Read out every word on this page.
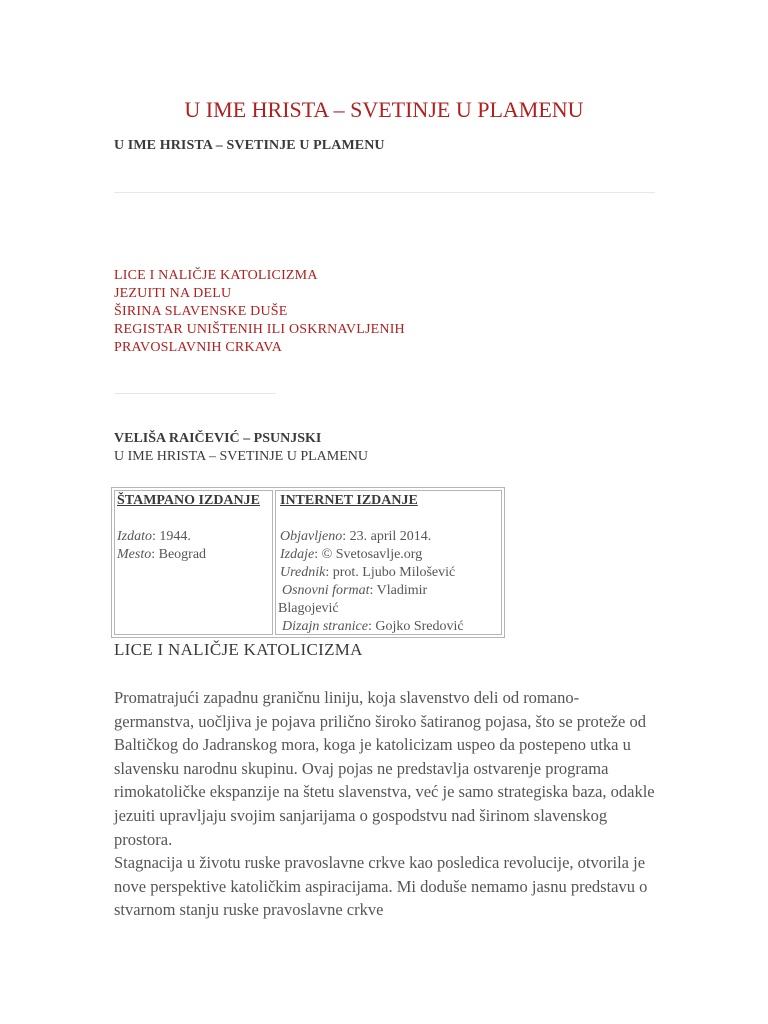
U IME HRISTA – SVETINJE U PLAMENU
U IME HRISTA – SVETINJE U PLAMENU
LICE I NALIČJE KATOLICIZMA
JEZUITI NA DELU
ŠIRINA SLAVENSKE DUŠE
REGISTAR UNIŠTENIH ILI OSKRNAVLJENIH
PRAVOSLAVNIH CRKAVA
VELIŠA RAIČEVIĆ – PSUNJSKI
U IME HRISTA – SVETINJE U PLAMENU
ŠTAMPANO IZDANJE
Izdato: 1944.
Mesto: Beograd
INTERNET IZDANJE
Objavljeno: 23. april 2014.
Izdaje: © Svetosavlje.org
Urednik: prot. Ljubo Milošević
Osnovni format: Vladimir
Blagojević
Dizajn stranice: Gojko Sredović
LICE I NALIČJE KATOLICIZMA

Promatrajući zapadnu graničnu liniju, koja slavenstvo deli od romano-germanstva, uočljiva je pojava prilično široko šatiranog pojasa, što se proteže od Baltičkog do Jadranskog mora, koga je katolicizam uspeo da postepeno utka u slavensku narodnu skupinu. Ovaj pojas ne predstavlja ostvarenje programa rimokatoličke ekspanzije na štetu slavenstva, već je samo strategiska baza, odakle jezuiti upravljaju svojim sanjarijama o gospodstvu nad širinom slavenskog prostora.

Stagnacija u životu ruske pravoslavne crkve kao posledica revolucije, otvorila je nove perspektive katoličkim aspiracijama. Mi doduše nemamo jasnu predstavu o stvarnom stanju ruske pravoslavne crkve
